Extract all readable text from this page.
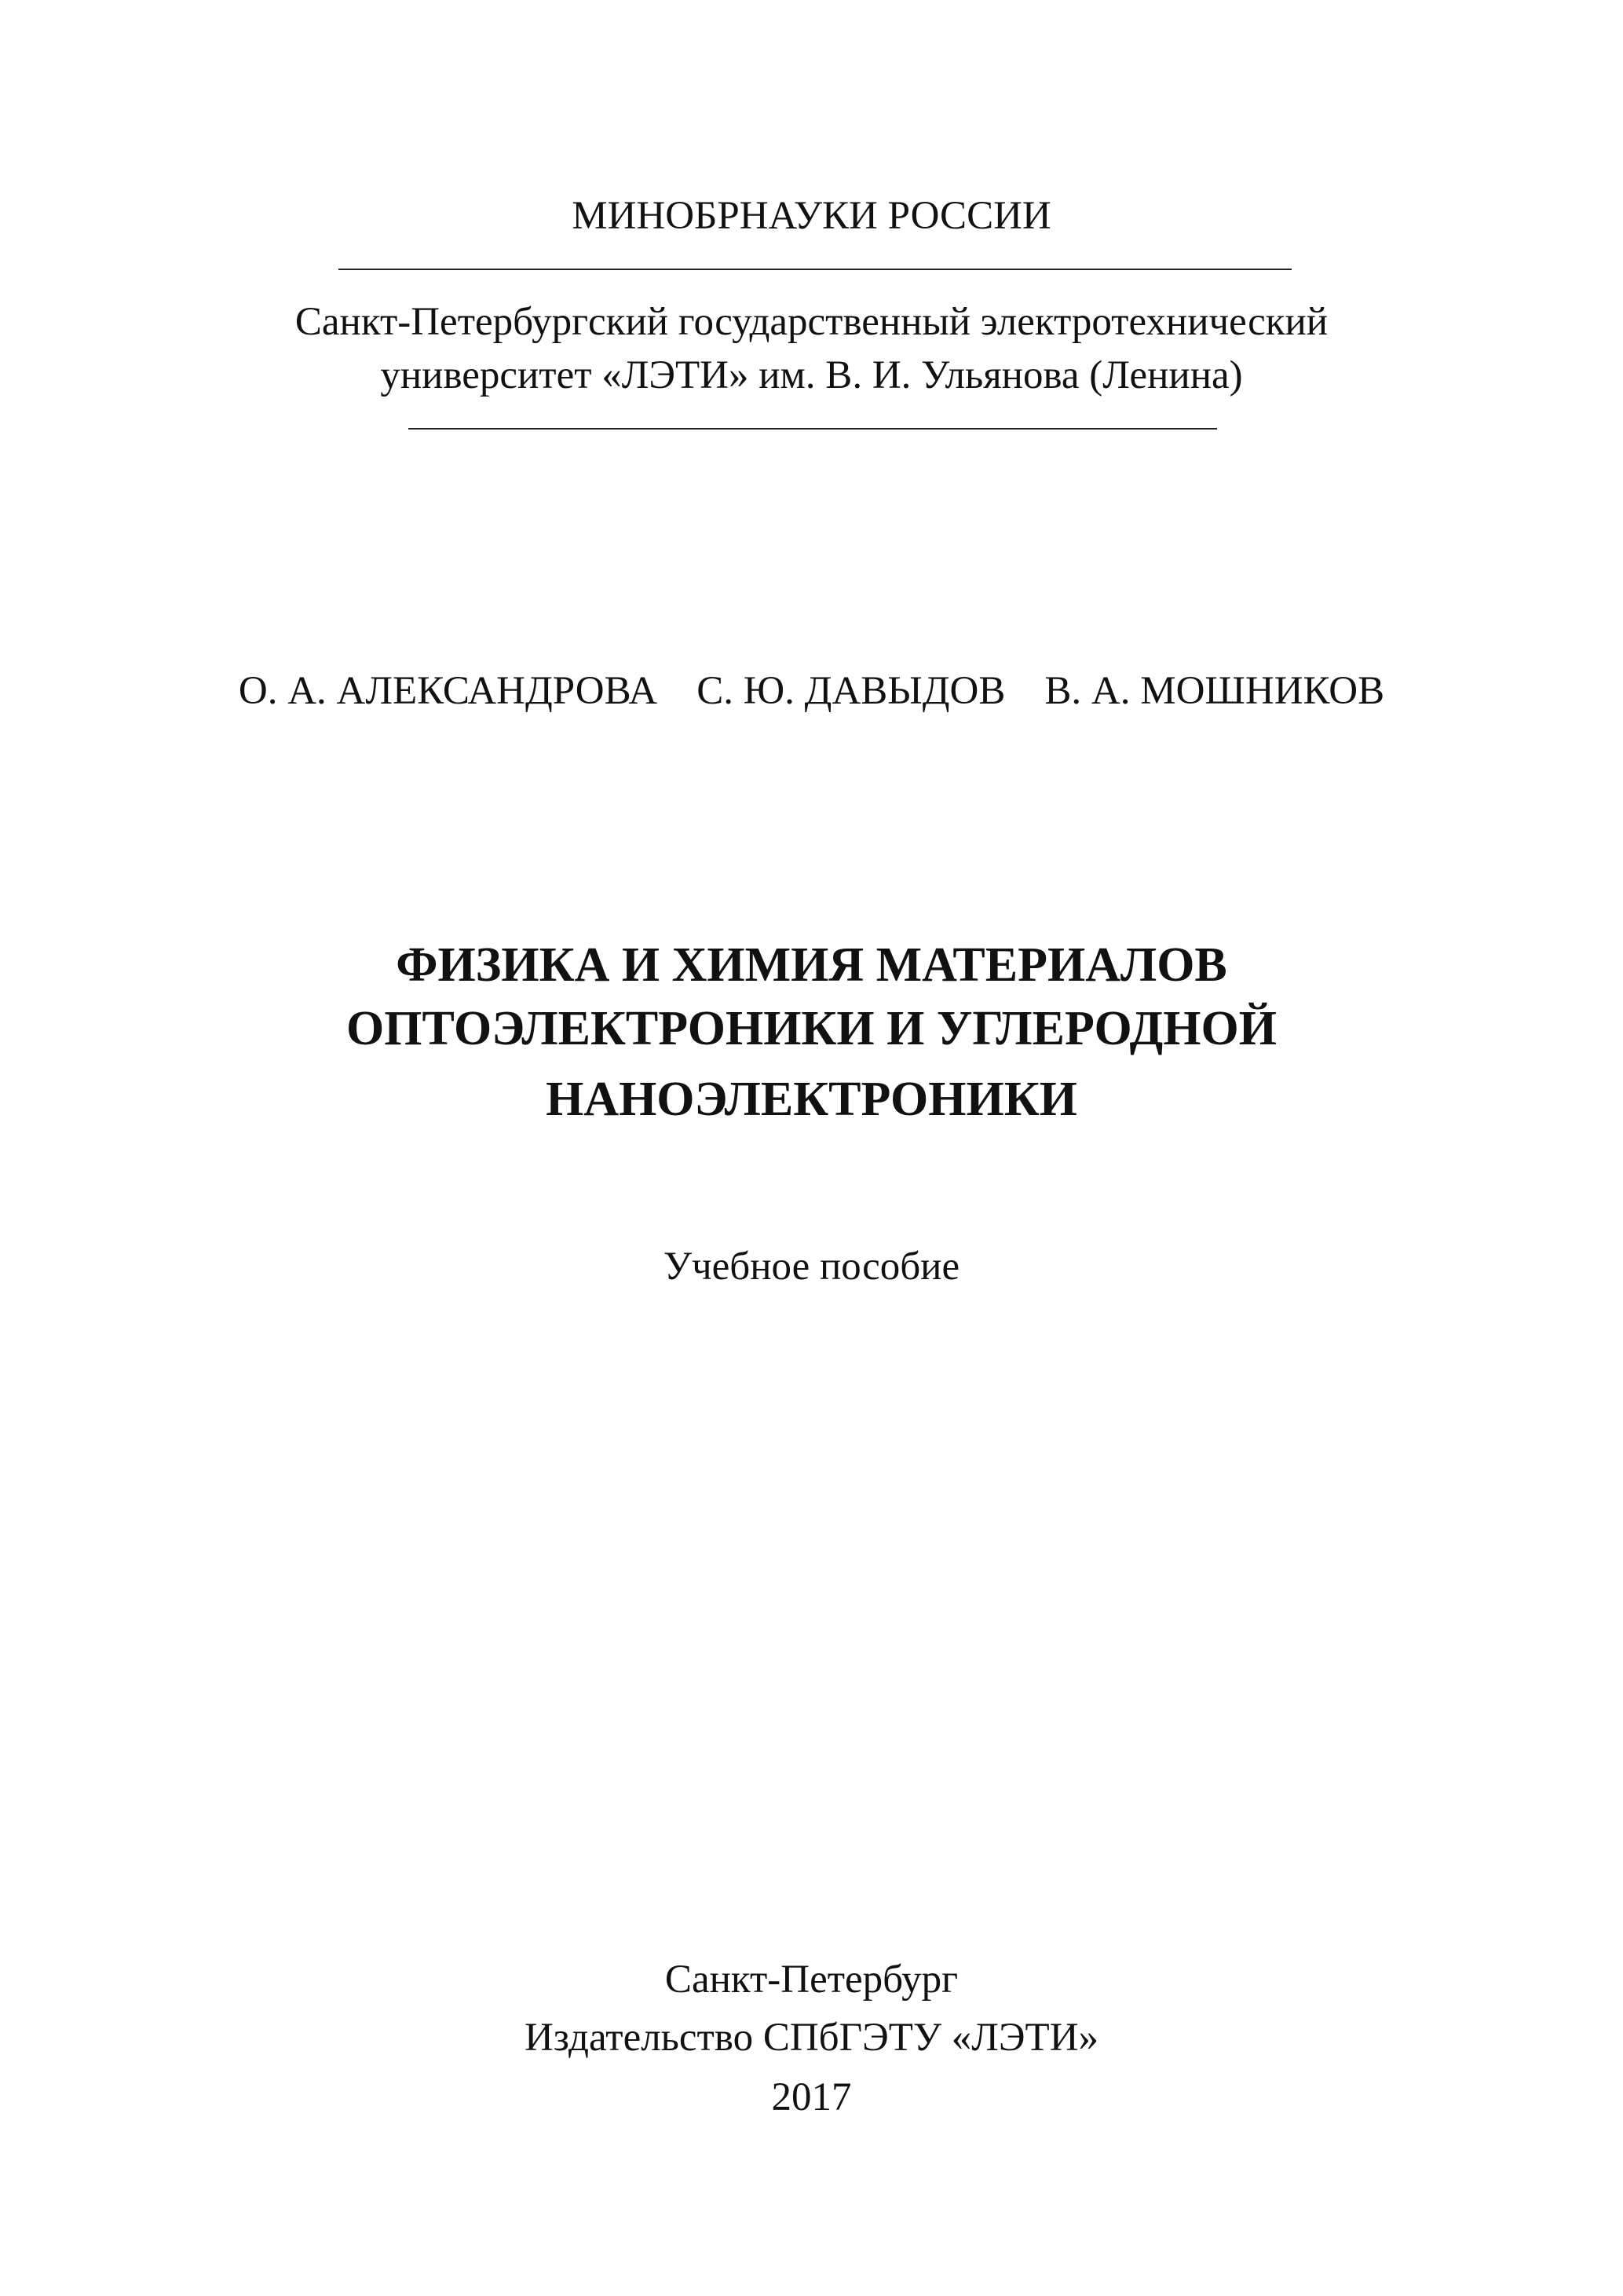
МИНОБРНАУКИ РОССИИ
Санкт-Петербургский государственный электротехнический
университет «ЛЭТИ» им. В. И. Ульянова (Ленина)
О. А. АЛЕКСАНДРОВА С. Ю. ДАВЫДОВ В. А. МОШНИКОВ
ФИЗИКА И ХИМИЯ МАТЕРИАЛОВ
ОПТОЭЛЕКТРОНИКИ И УГЛЕРОДНОЙ
НАНОЭЛЕКТРОНИКИ
Учебное пособие
Санкт-Петербург
Издательство СПбГЭТУ «ЛЭТИ»
2017
